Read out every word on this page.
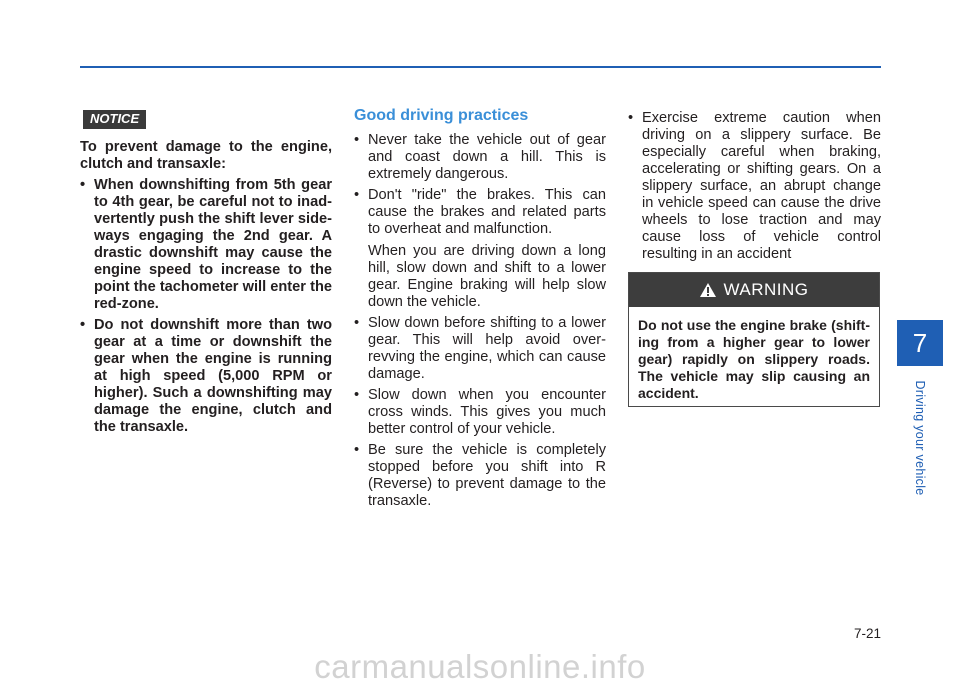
NOTICE

To prevent damage to the engine, clutch and transaxle:

• When downshifting from 5th gear to 4th gear, be careful not to inad-vertently push the shift lever side-ways engaging the 2nd gear. A drastic downshift may cause the engine speed to increase to the point the tachometer will enter the red-zone.
• Do not downshift more than two gear at a time or downshift the gear when the engine is running at high speed (5,000 RPM or higher). Such a downshifting may damage the engine, clutch and the transaxle.
Good driving practices
• Never take the vehicle out of gear and coast down a hill. This is extremely dangerous.
• Don't "ride" the brakes. This can cause the brakes and related parts to overheat and malfunction.
When you are driving down a long hill, slow down and shift to a lower gear. Engine braking will help slow down the vehicle.
• Slow down before shifting to a lower gear. This will help avoid over-revving the engine, which can cause damage.
• Slow down when you encounter cross winds. This gives you much better control of your vehicle.
• Be sure the vehicle is completely stopped before you shift into R (Reverse) to prevent damage to the transaxle.
• Exercise extreme caution when driving on a slippery surface. Be especially careful when braking, accelerating or shifting gears. On a slippery surface, an abrupt change in vehicle speed can cause the drive wheels to lose traction and may cause loss of vehicle control resulting in an accident
WARNING
Do not use the engine brake (shift-ing from a higher gear to lower gear) rapidly on slippery roads. The vehicle may slip causing an accident.
7
Driving your vehicle
7-21
carmanualsonline.info
